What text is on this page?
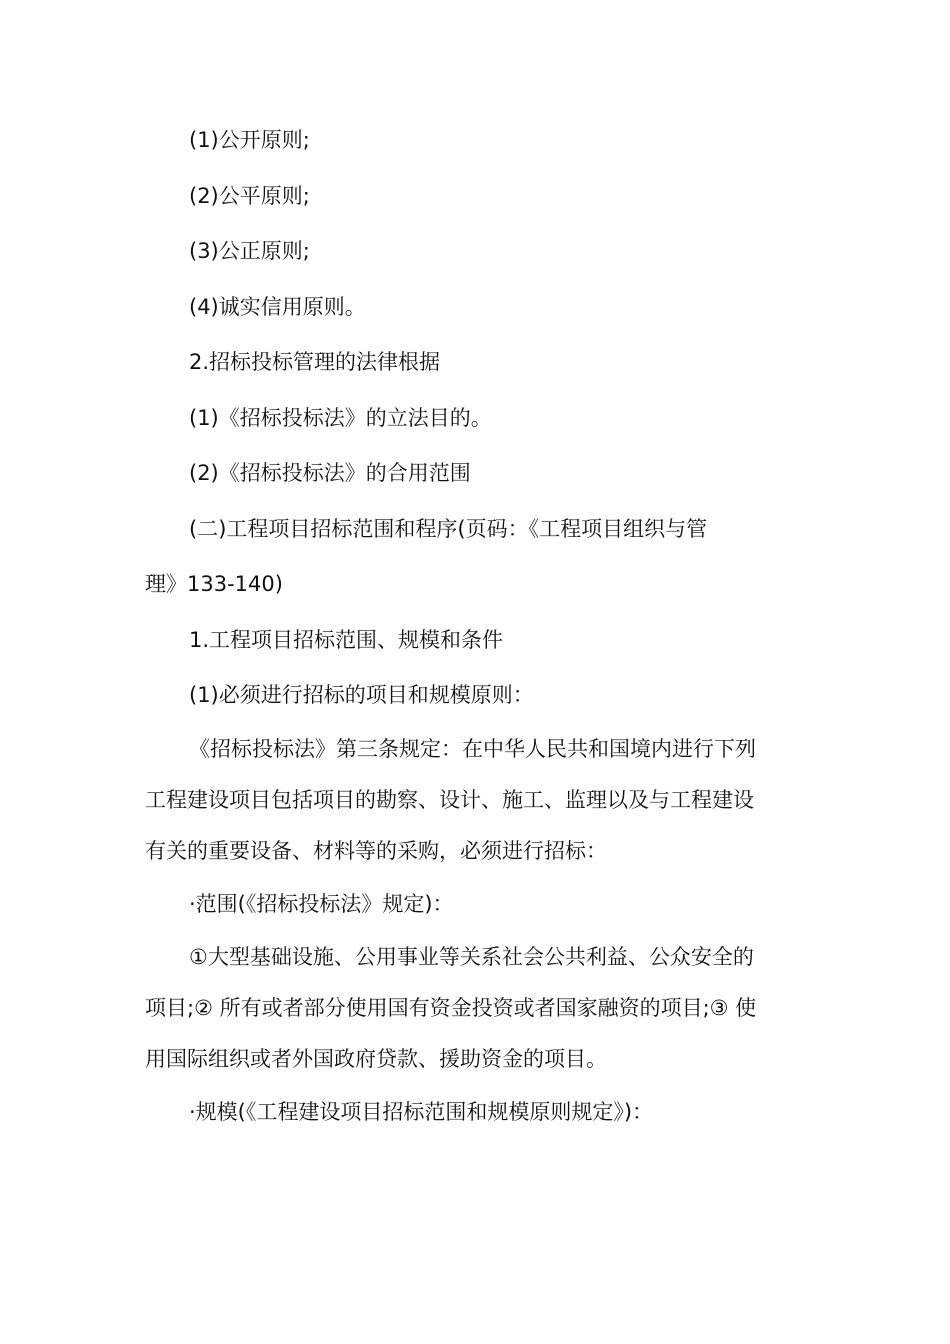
(1)公开原则;
(2)公平原则;
(3)公正原则;
(4)诚实信用原则。
2.招标投标管理的法律根据
(1)《招标投标法》的立法目的。
(2)《招标投标法》的合用范围
(二)工程项目招标范围和程序(页码：《工程项目组织与管
理》133-140)
1.工程项目招标范围、规模和条件
(1)必须进行招标的项目和规模原则：
《招标投标法》第三条规定：在中华人民共和国境内进行下列
工程建设项目包括项目的勘察、设计、施工、监理以及与工程建设
有关的重要设备、材料等的采购，必须进行招标：
·范围(《招标投标法》规定)：
①大型基础设施、公用事业等关系社会公共利益、公众安全的
项目;② 所有或者部分使用国有资金投资或者国家融资的项目;③ 使
用国际组织或者外国政府贷款、援助资金的项目。
·规模(《工程建设项目招标范围和规模原则规定》)：
